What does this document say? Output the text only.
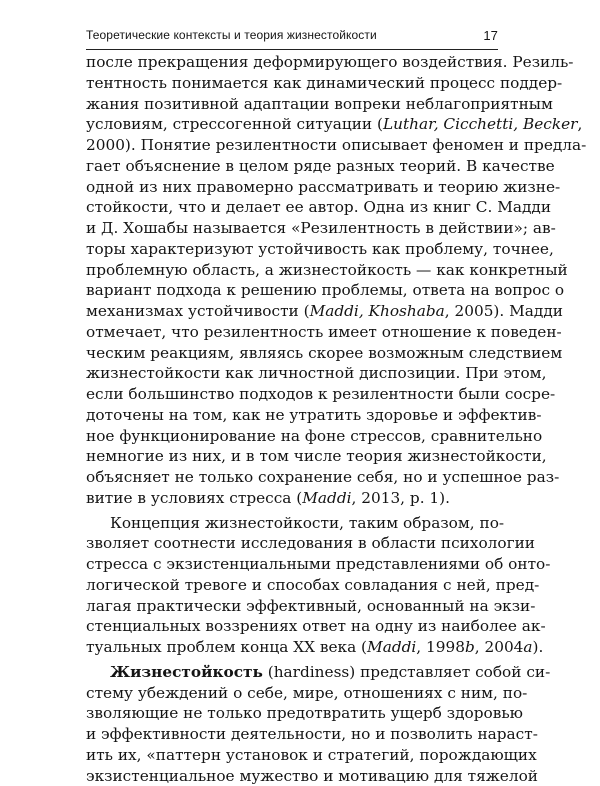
Теоретические контексты и теория жизнестойкости	17
после прекращения деформирующего воздействия. Резиль-
тентность понимается как динамический процесс поддер-
жания позитивной адаптации вопреки неблагоприятным
условиям, стрессогенной ситуации (Luthar, Cicchetti, Becker,
2000). Понятие резилентности описывает феномен и предла-
гает объяснение в целом ряде разных теорий. В качестве
одной из них правомерно рассматривать и теорию жизне-
стойкости, что и делает ее автор. Одна из книг С. Мадди
и Д. Хошабы называется «Резилентность в действии»; ав-
торы характеризуют устойчивость как проблему, точнее,
проблемную область, а жизнестойкость — как конкретный
вариант подхода к решению проблемы, ответа на вопрос о
механизмах устойчивости (Maddi, Khoshaba, 2005). Мадди
отмечает, что резилентность имеет отношение к поведен-
ческим реакциям, являясь скорее возможным следствием
жизнестойкости как личностной диспозиции. При этом,
если большинство подходов к резилентности были сосре-
доточены на том, как не утратить здоровье и эффектив-
ное функционирование на фоне стрессов, сравнительно
немногие из них, и в том числе теория жизнестойкости,
объясняет не только сохранение себя, но и успешное раз-
витие в условиях стресса (Maddi, 2013, p. 1).
Концепция жизнестойкости, таким образом, по-
зволяет соотнести исследования в области психологии
стресса с экзистенциальными представлениями об онто-
логической тревоге и способах совладания с ней, пред-
лагая практически эффективный, основанный на экзи-
стенциальных воззрениях ответ на одну из наиболее ак-
туальных проблем конца XX века (Maddi, 1998b, 2004a).
Жизнестойкость (hardiness) представляет собой си-
стему убеждений о себе, мире, отношениях с ним, по-
зволяющие не только предотвратить ущерб здоровью
и эффективности деятельности, но и позволить нараст-
ить их, «паттерн установок и стратегий, порождающих
экзистенциальное мужество и мотивацию для тяжелой
